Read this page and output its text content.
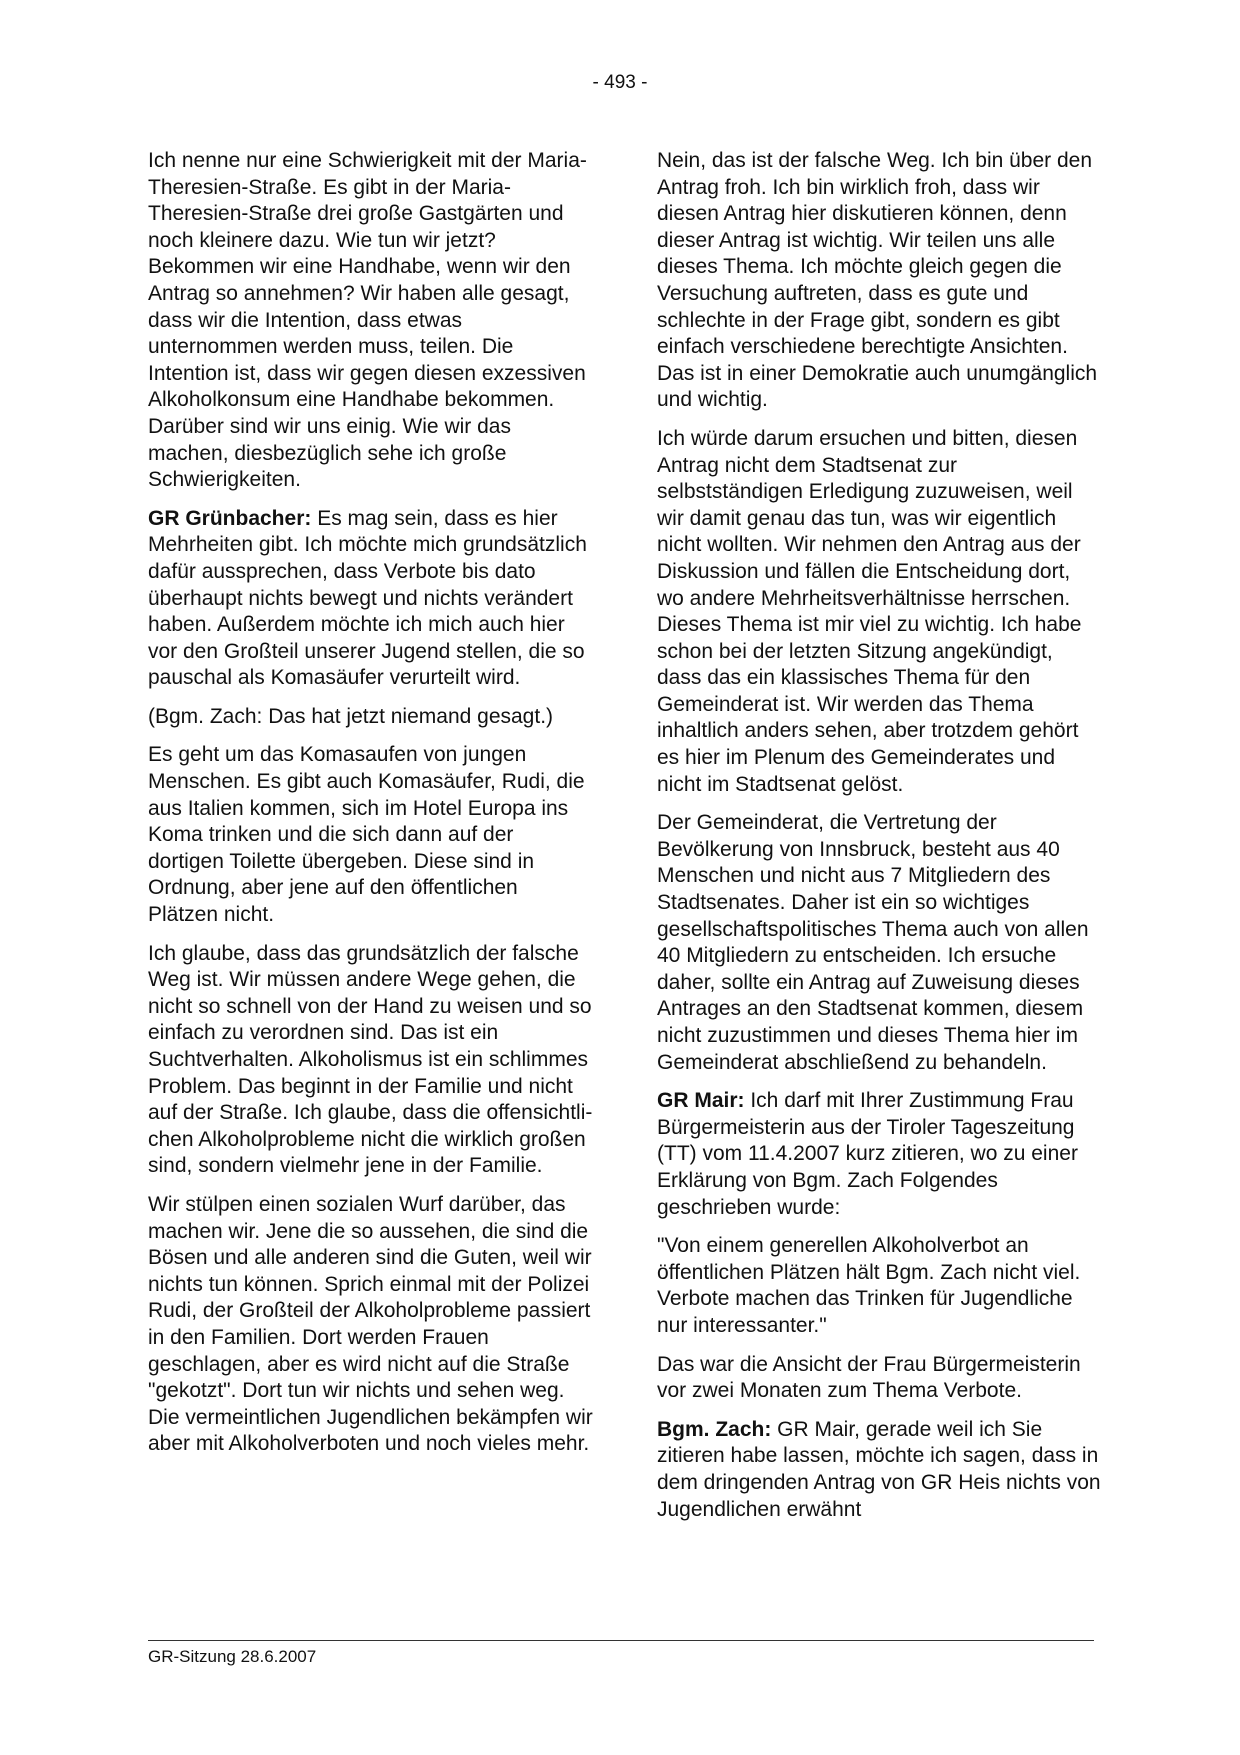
- 493 -

Ich nenne nur eine Schwierigkeit mit der Maria-Theresien-Straße. Es gibt in der Maria-Theresien-Straße drei große Gastgärten und noch kleinere dazu. Wie tun wir jetzt? Bekommen wir eine Handhabe, wenn wir den Antrag so annehmen? Wir haben alle gesagt, dass wir die Intention, dass etwas unternommen werden muss, teilen. Die Intention ist, dass wir gegen diesen exzessiven Alkoholkonsum eine Handhabe bekommen. Darüber sind wir uns einig. Wie wir das machen, diesbezüglich sehe ich große Schwierigkeiten.

GR Grünbacher: Es mag sein, dass es hier Mehrheiten gibt. Ich möchte mich grundsätzlich dafür aussprechen, dass Verbote bis dato überhaupt nichts bewegt und nichts verändert haben. Außerdem möchte ich mich auch hier vor den Großteil unserer Jugend stellen, die so pauschal als Komasäufer verurteilt wird.

(Bgm. Zach: Das hat jetzt niemand gesagt.)

Es geht um das Komasaufen von jungen Menschen. Es gibt auch Komasäufer, Rudi, die aus Italien kommen, sich im Hotel Europa ins Koma trinken und die sich dann auf der dortigen Toilette übergeben. Diese sind in Ordnung, aber jene auf den öffentlichen Plätzen nicht.

Ich glaube, dass das grundsätzlich der falsche Weg ist. Wir müssen andere Wege gehen, die nicht so schnell von der Hand zu weisen und so einfach zu verordnen sind. Das ist ein Suchtverhalten. Alkoholismus ist ein schlimmes Problem. Das beginnt in der Familie und nicht auf der Straße. Ich glaube, dass die offensichtlichen Alkoholprobleme nicht die wirklich großen sind, sondern vielmehr jene in der Familie.

Wir stülpen einen sozialen Wurf darüber, das machen wir. Jene die so aussehen, die sind die Bösen und alle anderen sind die Guten, weil wir nichts tun können. Sprich einmal mit der Polizei Rudi, der Großteil der Alkoholprobleme passiert in den Familien. Dort werden Frauen geschlagen, aber es wird nicht auf die Straße "gekotzt". Dort tun wir nichts und sehen weg. Die vermeintlichen Jugendlichen bekämpfen wir aber mit Alkoholverboten und noch vieles mehr.

Nein, das ist der falsche Weg. Ich bin über den Antrag froh. Ich bin wirklich froh, dass wir diesen Antrag hier diskutieren können, denn dieser Antrag ist wichtig. Wir teilen uns alle dieses Thema. Ich möchte gleich gegen die Versuchung auftreten, dass es gute und schlechte in der Frage gibt, sondern es gibt einfach verschiedene berechtigte Ansichten. Das ist in einer Demokratie auch unumgänglich und wichtig.

Ich würde darum ersuchen und bitten, diesen Antrag nicht dem Stadtsenat zur selbstständigen Erledigung zuzuweisen, weil wir damit genau das tun, was wir eigentlich nicht wollten. Wir nehmen den Antrag aus der Diskussion und fällen die Entscheidung dort, wo andere Mehrheitsverhältnisse herrschen. Dieses Thema ist mir viel zu wichtig. Ich habe schon bei der letzten Sitzung angekündigt, dass das ein klassisches Thema für den Gemeinderat ist. Wir werden das Thema inhaltlich anders sehen, aber trotzdem gehört es hier im Plenum des Gemeinderates und nicht im Stadtsenat gelöst.

Der Gemeinderat, die Vertretung der Bevölkerung von Innsbruck, besteht aus 40 Menschen und nicht aus 7 Mitgliedern des Stadtsenates. Daher ist ein so wichtiges gesellschaftspolitisches Thema auch von allen 40 Mitgliedern zu entscheiden. Ich ersuche daher, sollte ein Antrag auf Zuweisung dieses Antrages an den Stadtsenat kommen, diesem nicht zuzustimmen und dieses Thema hier im Gemeinderat abschließend zu behandeln.

GR Mair: Ich darf mit Ihrer Zustimmung Frau Bürgermeisterin aus der Tiroler Tageszeitung (TT) vom 11.4.2007 kurz zitieren, wo zu einer Erklärung von Bgm. Zach Folgendes geschrieben wurde:

"Von einem generellen Alkoholverbot an öffentlichen Plätzen hält Bgm. Zach nicht viel. Verbote machen das Trinken für Jugendliche nur interessanter."

Das war die Ansicht der Frau Bürgermeisterin vor zwei Monaten zum Thema Verbote.

Bgm. Zach: GR Mair, gerade weil ich Sie zitieren habe lassen, möchte ich sagen, dass in dem dringenden Antrag von GR Heis nichts von Jugendlichen erwähnt

GR-Sitzung 28.6.2007
